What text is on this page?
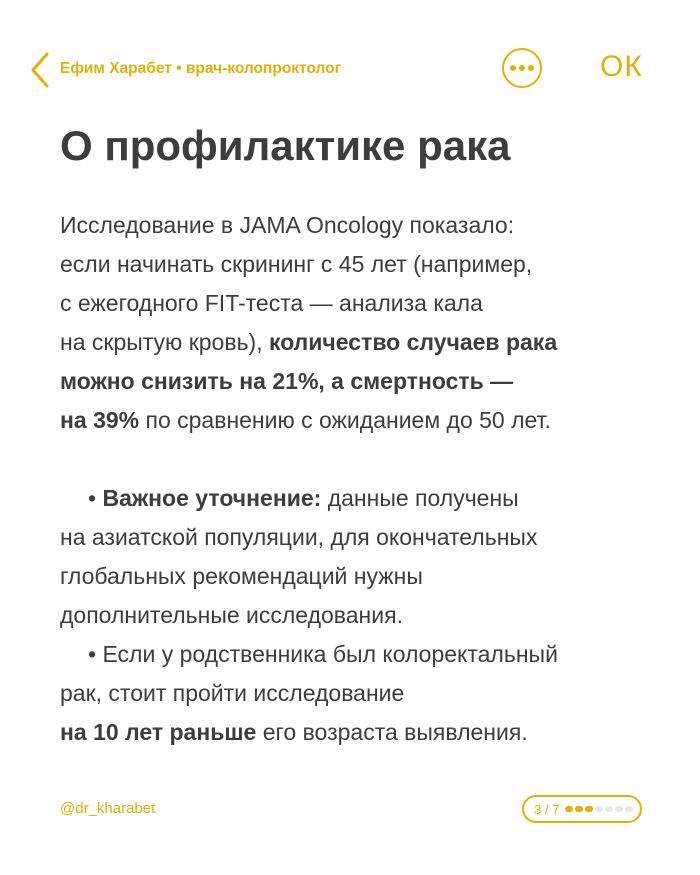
Ефим Харабет • врач-колопроктолог	ОК
О профилактике рака

Исследование в JAMA Oncology показало:
если начинать скрининг с 45 лет (например,
с ежегодного FIT-теста — анализа кала
на скрытую кровь), количество случаев рака
можно снизить на 21%, а смертность —
на 39% по сравнению с ожиданием до 50 лет.

• Важное уточнение: данные получены
на азиатской популяции, для окончательных
глобальных рекомендаций нужны
дополнительные исследования.

• Если у родственника был колоректальный
рак, стоит пройти исследование
на 10 лет раньше его возраста выявления.

@dr_kharabet	3 / 7
